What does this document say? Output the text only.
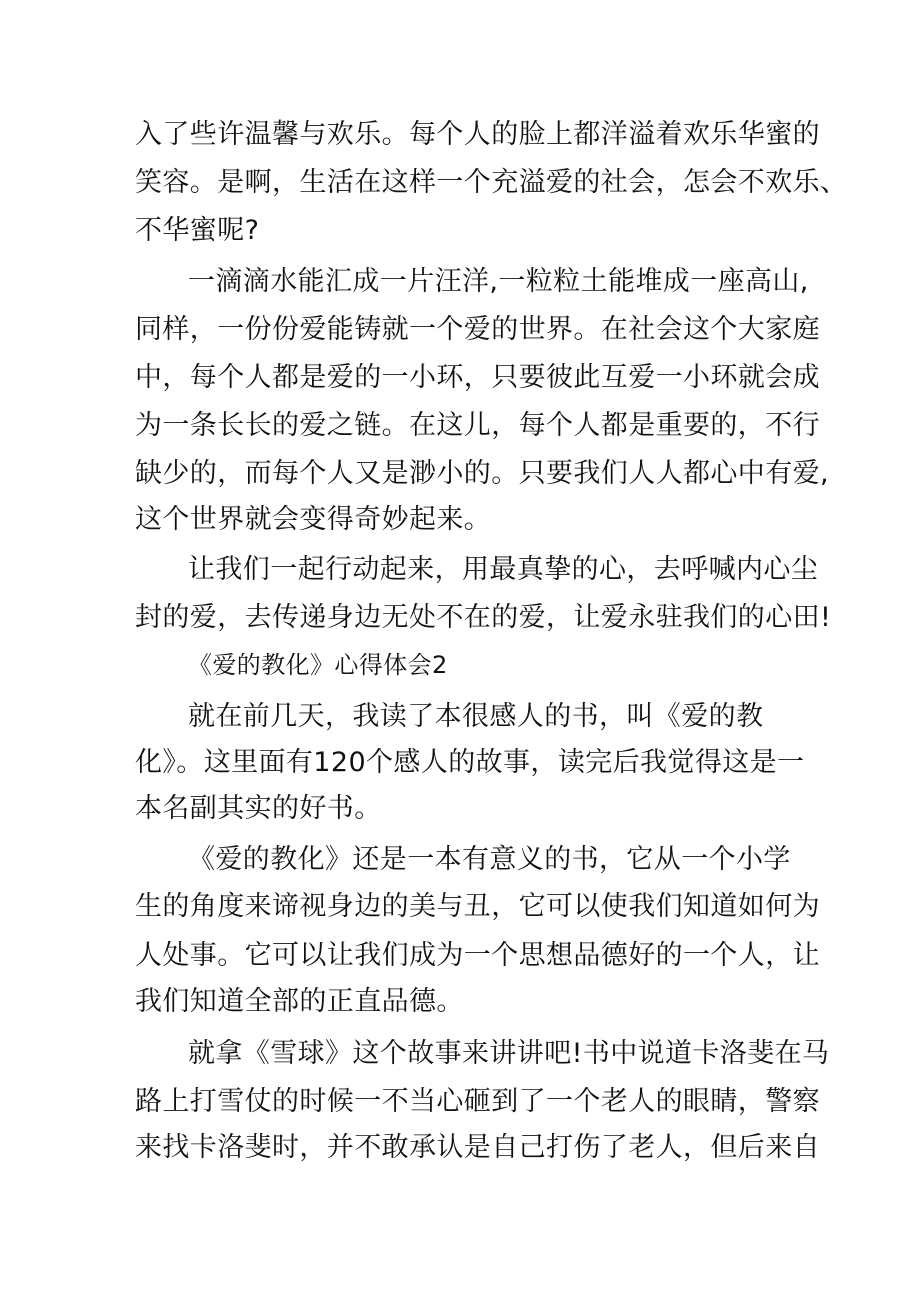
入了些许温馨与欢乐。每个人的脸上都洋溢着欢乐华蜜的
笑容。是啊，生活在这样一个充溢爱的社会，怎会不欢乐、
不华蜜呢?
一滴滴水能汇成一片汪洋,一粒粒土能堆成一座高山,
同样，一份份爱能铸就一个爱的世界。在社会这个大家庭
中，每个人都是爱的一小环，只要彼此互爱一小环就会成
为一条长长的爱之链。在这儿，每个人都是重要的，不行
缺少的，而每个人又是渺小的。只要我们人人都心中有爱,
这个世界就会变得奇妙起来。
让我们一起行动起来，用最真挚的心，去呼喊内心尘
封的爱，去传递身边无处不在的爱，让爱永驻我们的心田!
《爱的教化》心得体会2
就在前几天，我读了本很感人的书，叫《爱的教
化》。这里面有120个感人的故事，读完后我觉得这是一
本名副其实的好书。
《爱的教化》还是一本有意义的书，它从一个小学
生的角度来谛视身边的美与丑，它可以使我们知道如何为
人处事。它可以让我们成为一个思想品德好的一个人，让
我们知道全部的正直品德。
就拿《雪球》这个故事来讲讲吧!书中说道卡洛斐在马
路上打雪仗的时候一不当心砸到了一个老人的眼睛，警察
来找卡洛斐时，并不敢承认是自己打伤了老人，但后来自
